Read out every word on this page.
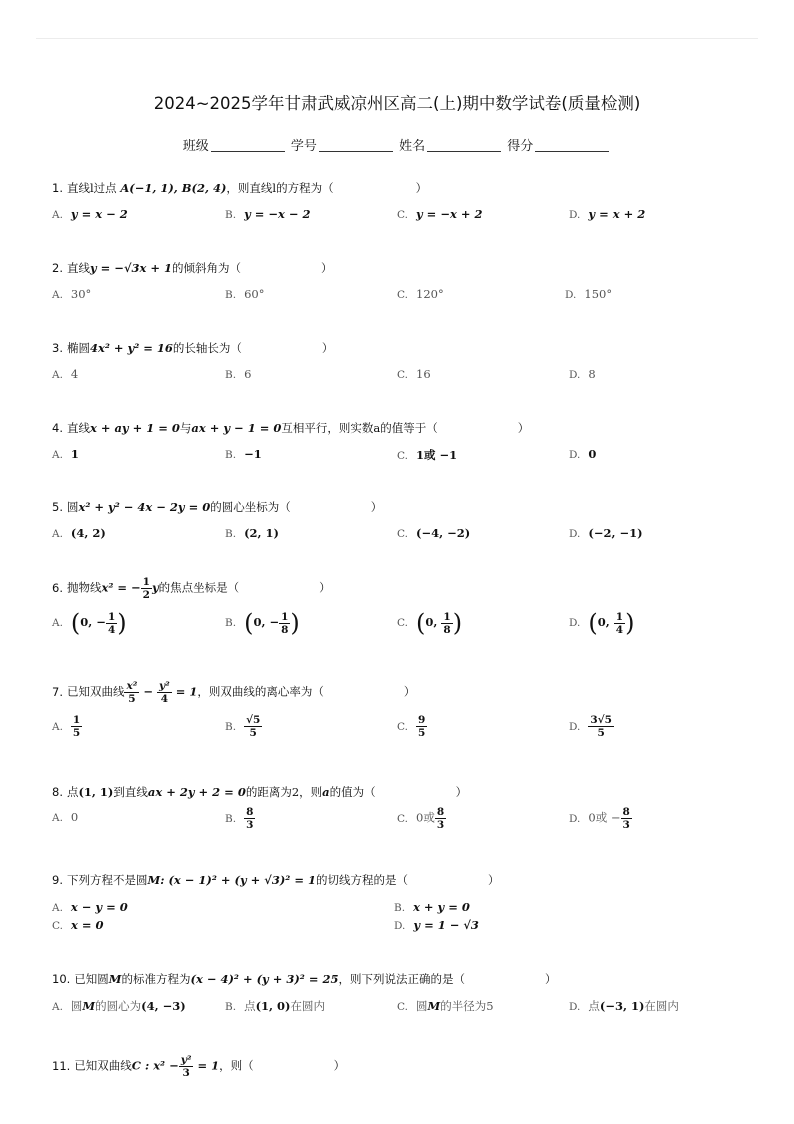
2024~2025学年甘肃武威凉州区高二(上)期中数学试卷(质量检测)
班级	学号	姓名	得分
1. 直线l过点 A(−1, 1), B(2, 4)，则直线l的方程为（	）
A. y = x − 2	B. y = −x − 2	C. y = −x + 2	D. y = x + 2
2. 直线y = −√3x + 1的倾斜角为（	）
A. 30°	B. 60°	C. 120°	D. 150°
3. 椭圆4x² + y² = 16的长轴长为（	）
A. 4	B. 6	C. 16	D. 8
4. 直线x + ay + 1 = 0与ax + y − 1 = 0互相平行，则实数a的值等于（	）
A. 1	B. −1	C. 1或 −1	D. 0
5. 圆x² + y² − 4x − 2y = 0的圆心坐标为（	）
A. (4, 2)	B. (2, 1)	C. (−4, −2)	D. (−2, −1)
6. 抛物线x² = − $\frac{1}{2}$ y的焦点坐标是（	）
A. (0, − $\frac{1}{4}$ )	B. (0, − $\frac{1}{8}$ )	C. (0, $\frac{1}{8}$ )	D. (0, $\frac{1}{4}$ )
7. 已知双曲线 $\frac{\text{x²}}{5} - \frac{\text{y²}}{4} = 1$，则双曲线的离心率为（	）
A. $\frac{1}{5}$	B. $\frac{√5}{5}$	C. $\frac{9}{5}$	D. $\frac{3√5}{5}$
8. 点(1, 1)到直线ax + 2y + 2 = 0的距离为2，则a的值为（	）
A. 0	B. $\frac{8}{3}$	C. 0或 $\frac{8}{3}$	D. 0或 − $\frac{8}{3}$
9. 下列方程不是圆M: (x − 1)² + (y + √3)² = 1的切线方程的是（	）
A. x − y = 0	B. x + y = 0
C. x = 0	D. y = 1 − √3
10. 已知圆M的标准方程为(x − 4)² + (y + 3)² = 25，则下列说法正确的是（	）
A. 圆M的圆心为(4, −3)	B. 点(1, 0)在圆内	C. 圆M的半径为5	D. 点(−3, 1)在圆内
11. 已知双曲线C : $x^2 - \frac{\text{y²}}{3} = 1$，则（	）
